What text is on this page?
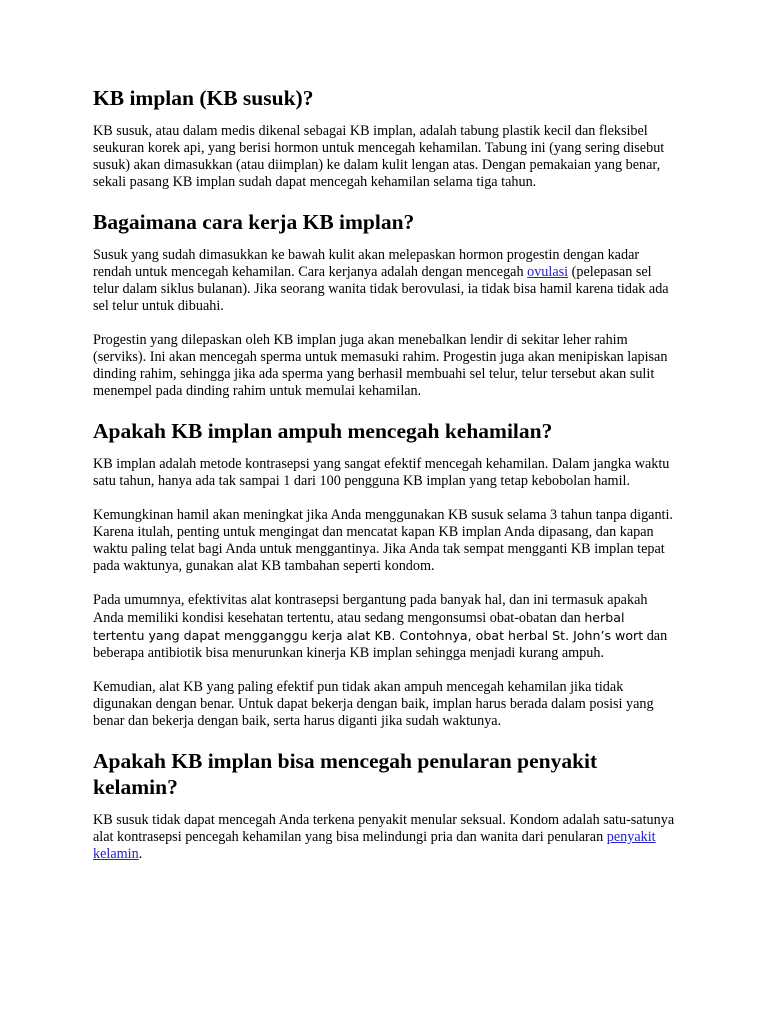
KB implan (KB susuk)?

KB susuk, atau dalam medis dikenal sebagai KB implan, adalah tabung plastik kecil dan fleksibel seukuran korek api, yang berisi hormon untuk mencegah kehamilan. Tabung ini (yang sering disebut susuk) akan dimasukkan (atau diimplan) ke dalam kulit lengan atas. Dengan pemakaian yang benar, sekali pasang KB implan sudah dapat mencegah kehamilan selama tiga tahun.

Bagaimana cara kerja KB implan?

Susuk yang sudah dimasukkan ke bawah kulit akan melepaskan hormon progestin dengan kadar rendah untuk mencegah kehamilan. Cara kerjanya adalah dengan mencegah ovulasi (pelepasan sel telur dalam siklus bulanan). Jika seorang wanita tidak berovulasi, ia tidak bisa hamil karena tidak ada sel telur untuk dibuahi.

Progestin yang dilepaskan oleh KB implan juga akan menebalkan lendir di sekitar leher rahim (serviks). Ini akan mencegah sperma untuk memasuki rahim. Progestin juga akan menipiskan lapisan dinding rahim, sehingga jika ada sperma yang berhasil membuahi sel telur, telur tersebut akan sulit menempel pada dinding rahim untuk memulai kehamilan.

Apakah KB implan ampuh mencegah kehamilan?

KB implan adalah metode kontrasepsi yang sangat efektif mencegah kehamilan. Dalam jangka waktu satu tahun, hanya ada tak sampai 1 dari 100 pengguna KB implan yang tetap kebobolan hamil.

Kemungkinan hamil akan meningkat jika Anda menggunakan KB susuk selama 3 tahun tanpa diganti. Karena itulah, penting untuk mengingat dan mencatat kapan KB implan Anda dipasang, dan kapan waktu paling telat bagi Anda untuk menggantinya. Jika Anda tak sempat mengganti KB implan tepat pada waktunya, gunakan alat KB tambahan seperti kondom.

Pada umumnya, efektivitas alat kontrasepsi bergantung pada banyak hal, dan ini termasuk apakah Anda memiliki kondisi kesehatan tertentu, atau sedang mengonsumsi obat-obatan dan herbal tertentu yang dapat mengganggu kerja alat KB. Contohnya, obat herbal St. John’s wort dan beberapa antibiotik bisa menurunkan kinerja KB implan sehingga menjadi kurang ampuh.

Kemudian, alat KB yang paling efektif pun tidak akan ampuh mencegah kehamilan jika tidak digunakan dengan benar. Untuk dapat bekerja dengan baik, implan harus berada dalam posisi yang benar dan bekerja dengan baik, serta harus diganti jika sudah waktunya.

Apakah KB implan bisa mencegah penularan penyakit kelamin?

KB susuk tidak dapat mencegah Anda terkena penyakit menular seksual. Kondom adalah satu-satunya alat kontrasepsi pencegah kehamilan yang bisa melindungi pria dan wanita dari penularan penyakit kelamin.
